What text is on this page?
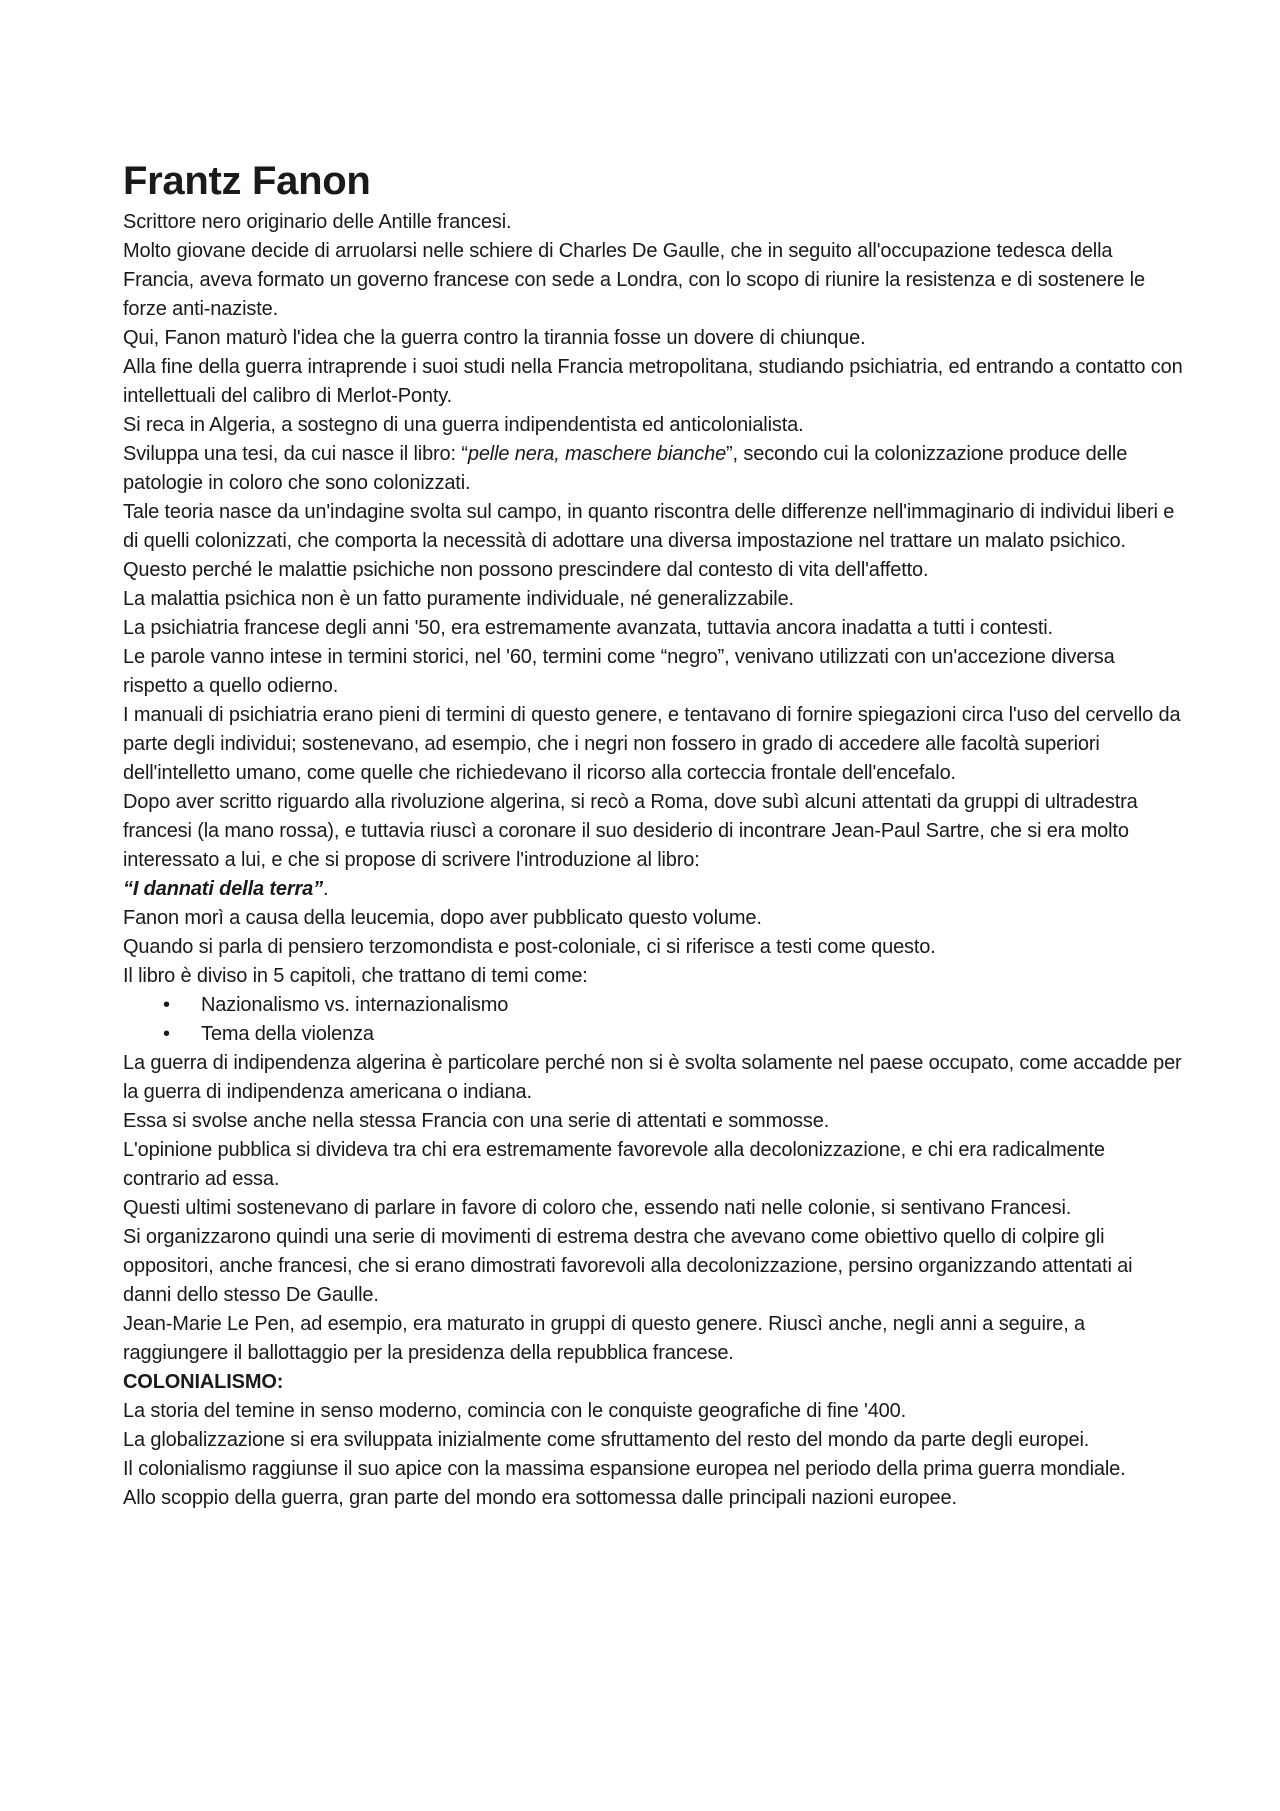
Frantz Fanon

Scrittore nero originario delle Antille francesi.

Molto giovane decide di arruolarsi nelle schiere di Charles De Gaulle, che in seguito all'occupazione tedesca della Francia, aveva formato un governo francese con sede a Londra, con lo scopo di riunire la resistenza e di sostenere le forze anti-naziste.

Qui, Fanon maturò l'idea che la guerra contro la tirannia fosse un dovere di chiunque.

Alla fine della guerra intraprende i suoi studi nella Francia metropolitana, studiando psichiatria, ed entrando a contatto con intellettuali del calibro di Merlot-Ponty.

Si reca in Algeria, a sostegno di una guerra indipendentista ed anticolonialista.

Sviluppa una tesi, da cui nasce il libro: “pelle nera, maschere bianche”, secondo cui la colonizzazione produce delle patologie in coloro che sono colonizzati.

Tale teoria nasce da un'indagine svolta sul campo, in quanto riscontra delle differenze nell'immaginario di individui liberi e di quelli colonizzati, che comporta la necessità di adottare una diversa impostazione nel trattare un malato psichico.

Questo perché le malattie psichiche non possono prescindere dal contesto di vita dell'affetto.

La malattia psichica non è un fatto puramente individuale, né generalizzabile.

La psichiatria francese degli anni '50, era estremamente avanzata, tuttavia ancora inadatta a tutti i contesti.

Le parole vanno intese in termini storici, nel '60, termini come “negro”, venivano utilizzati con un'accezione diversa rispetto a quello odierno.

I manuali di psichiatria erano pieni di termini di questo genere, e tentavano di fornire spiegazioni circa l'uso del cervello da parte degli individui; sostenevano, ad esempio, che i negri non fossero in grado di accedere alle facoltà superiori dell'intelletto umano, come quelle che richiedevano il ricorso alla corteccia frontale dell'encefalo.

Dopo aver scritto riguardo alla rivoluzione algerina, si recò a Roma, dove subì alcuni attentati da gruppi di ultradestra francesi (la mano rossa), e tuttavia riuscì a coronare il suo desiderio di incontrare Jean-Paul Sartre, che si era molto interessato a lui, e che si propose di scrivere l'introduzione al libro:

“I dannati della terra”.

Fanon morì a causa della leucemia, dopo aver pubblicato questo volume.

Quando si parla di pensiero terzomondista e post-coloniale, ci si riferisce a testi come questo.

Il libro è diviso in 5 capitoli, che trattano di temi come:

• Nazionalismo vs. internazionalismo
• Tema della violenza

La guerra di indipendenza algerina è particolare perché non si è svolta solamente nel paese occupato, come accadde per la guerra di indipendenza americana o indiana.

Essa si svolse anche nella stessa Francia con una serie di attentati e sommosse.

L'opinione pubblica si divideva tra chi era estremamente favorevole alla decolonizzazione, e chi era radicalmente contrario ad essa.

Questi ultimi sostenevano di parlare in favore di coloro che, essendo nati nelle colonie, si sentivano Francesi.

Si organizzarono quindi una serie di movimenti di estrema destra che avevano come obiettivo quello di colpire gli oppositori, anche francesi, che si erano dimostrati favorevoli alla decolonizzazione, persino organizzando attentati ai danni dello stesso De Gaulle.

Jean-Marie Le Pen, ad esempio, era maturato in gruppi di questo genere. Riuscì anche, negli anni a seguire, a raggiungere il ballottaggio per la presidenza della repubblica francese.

COLONIALISMO:

La storia del temine in senso moderno, comincia con le conquiste geografiche di fine '400.

La globalizzazione si era sviluppata inizialmente come sfruttamento del resto del mondo da parte degli europei.

Il colonialismo raggiunse il suo apice con la massima espansione europea nel periodo della prima guerra mondiale.

Allo scoppio della guerra, gran parte del mondo era sottomessa dalle principali nazioni europee.
